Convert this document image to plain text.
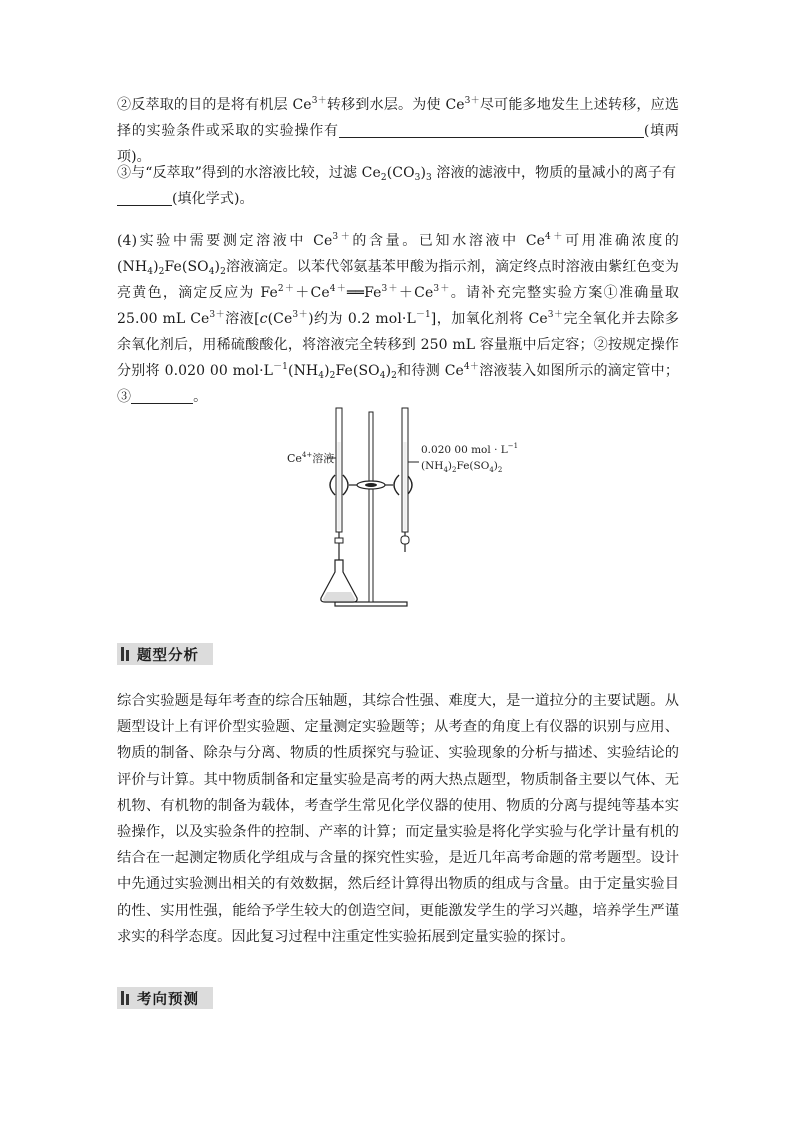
②反萃取的目的是将有机层 $Ce^{3+}$转移到水层。为使 $Ce^{3+}$尽可能多地发生上述转移，应选择的实验条件或采取的实验操作有	(填两项)。
③与“反萃取”得到的水溶液比较，过滤 $Ce_2(CO_3)_3$ 溶液的滤液中，物质的量减小的离子有
(填化学式)。
(4)实验中需要测定溶液中 $Ce^{3+}$的含量。已知水溶液中 $Ce^{4+}$可用准确浓度的$(NH_4)_2Fe(SO_4)_2$溶液滴定。以苯代邻氨基苯甲酸为指示剂，滴定终点时溶液由紫红色变为亮黄色，滴定反应为 $Fe^{2+}+Ce^{4+}══Fe^{3+}+Ce^{3+}$。请补充完整实验方案①准确量取 25.00 mL $Ce^{3+}$溶液[$c(Ce^{3+})$约为 0.2 $mol\cdot L^{-1}$]，加氧化剂将 $Ce^{3+}$完全氧化并去除多余氧化剂后，用稀硫酸酸化，将溶液完全转移到 250 mL 容量瓶中后定容；②按规定操作分别将 0.020 00 $mol\cdot L^{-1}(NH_4)_2Fe(SO_4)_2$和待测 $Ce^{4+}$溶液装入如图所示的滴定管中；③	。
$Ce^{4+}$溶液
0.020 00 mol · $L^{-1}$
$(NH_4)_2Fe(SO_4)_2$
题型分析
综合实验题是每年考查的综合压轴题，其综合性强、难度大，是一道拉分的主要试题。从题型设计上有评价型实验题、定量测定实验题等；从考查的角度上有仪器的识别与应用、物质的制备、除杂与分离、物质的性质探究与验证、实验现象的分析与描述、实验结论的评价与计算。其中物质制备和定量实验是高考的两大热点题型，物质制备主要以气体、无机物、有机物的制备为载体，考查学生常见化学仪器的使用、物质的分离与提纯等基本实验操作，以及实验条件的控制、产率的计算；而定量实验是将化学实验与化学计量有机的结合在一起测定物质化学组成与含量的探究性实验，是近几年高考命题的常考题型。设计中先通过实验测出相关的有效数据，然后经计算得出物质的组成与含量。由于定量实验目的性、实用性强，能给予学生较大的创造空间，更能激发学生的学习兴趣，培养学生严谨求实的科学态度。因此复习过程中注重定性实验拓展到定量实验的探讨。
考向预测
